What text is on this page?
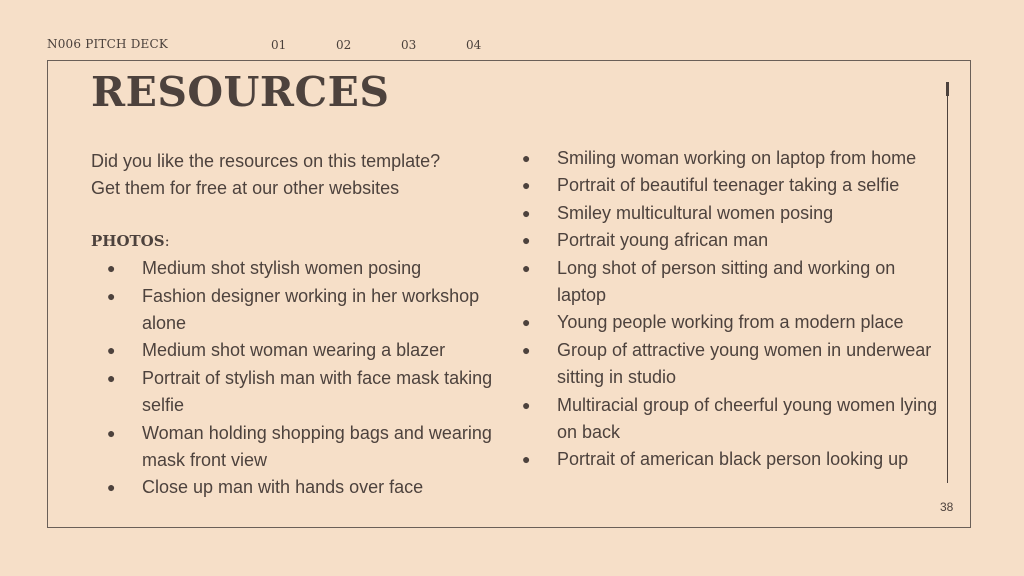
N006 PITCH DECK	01	02	03	04
RESOURCES

Did you like the resources on this template?

Get them for free at our other websites

PHOTOS:
● Medium shot stylish women posing
● Fashion designer working in her workshop alone
● Medium shot woman wearing a blazer
● Portrait of stylish man with face mask taking selfie
● Woman holding shopping bags and wearing mask front view
● Close up man with hands over face
● Smiling woman working on laptop from home
● Portrait of beautiful teenager taking a selfie
● Smiley multicultural women posing
● Portrait young african man
● Long shot of person sitting and working on laptop
● Young people working from a modern place
● Group of attractive young women in underwear sitting in studio
● Multiracial group of cheerful young women lying on back
● Portrait of american black person looking up
38
